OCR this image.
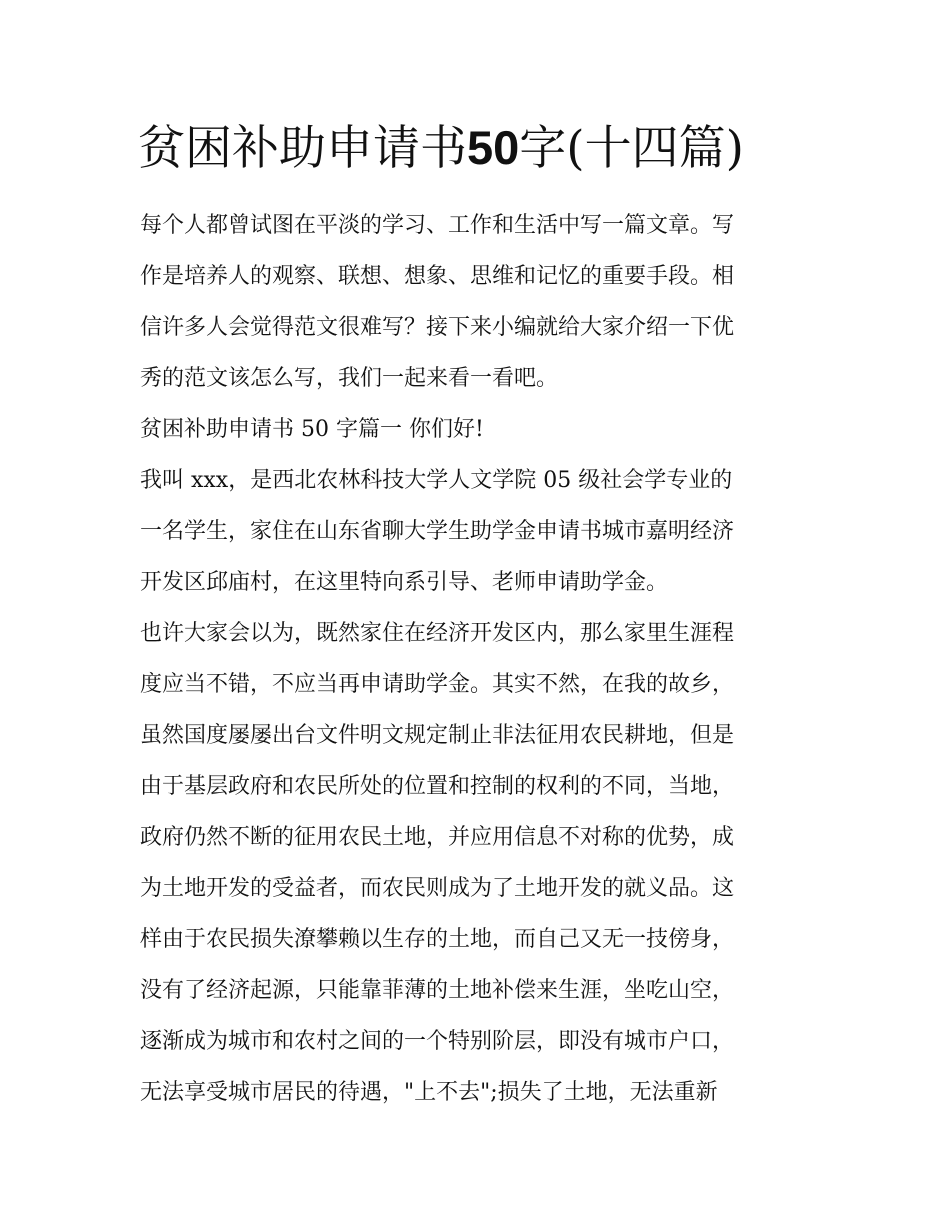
贫困补助申请书50字(十四篇)
每个人都曾试图在平淡的学习、工作和生活中写一篇文章。写
作是培养人的观察、联想、想象、思维和记忆的重要手段。相
信许多人会觉得范文很难写？接下来小编就给大家介绍一下优
秀的范文该怎么写，我们一起来看一看吧。
贫困补助申请书 50 字篇一 你们好!
我叫 xxx，是西北农林科技大学人文学院 05 级社会学专业的
一名学生，家住在山东省聊大学生助学金申请书城市嘉明经济
开发区邱庙村，在这里特向系引导、老师申请助学金。
也许大家会以为，既然家住在经济开发区内，那么家里生涯程
度应当不错，不应当再申请助学金。其实不然，在我的故乡，
虽然国度屡屡出台文件明文规定制止非法征用农民耕地，但是
由于基层政府和农民所处的位置和控制的权利的不同，当地，
政府仍然不断的征用农民土地，并应用信息不对称的优势，成
为土地开发的受益者，而农民则成为了土地开发的就义品。这
样由于农民损失潦攀赖以生存的土地，而自己又无一技傍身，
没有了经济起源，只能靠菲薄的土地补偿来生涯，坐吃山空，
逐渐成为城市和农村之间的一个特别阶层，即没有城市户口，
无法享受城市居民的待遇，"上不去";损失了土地，无法重新
